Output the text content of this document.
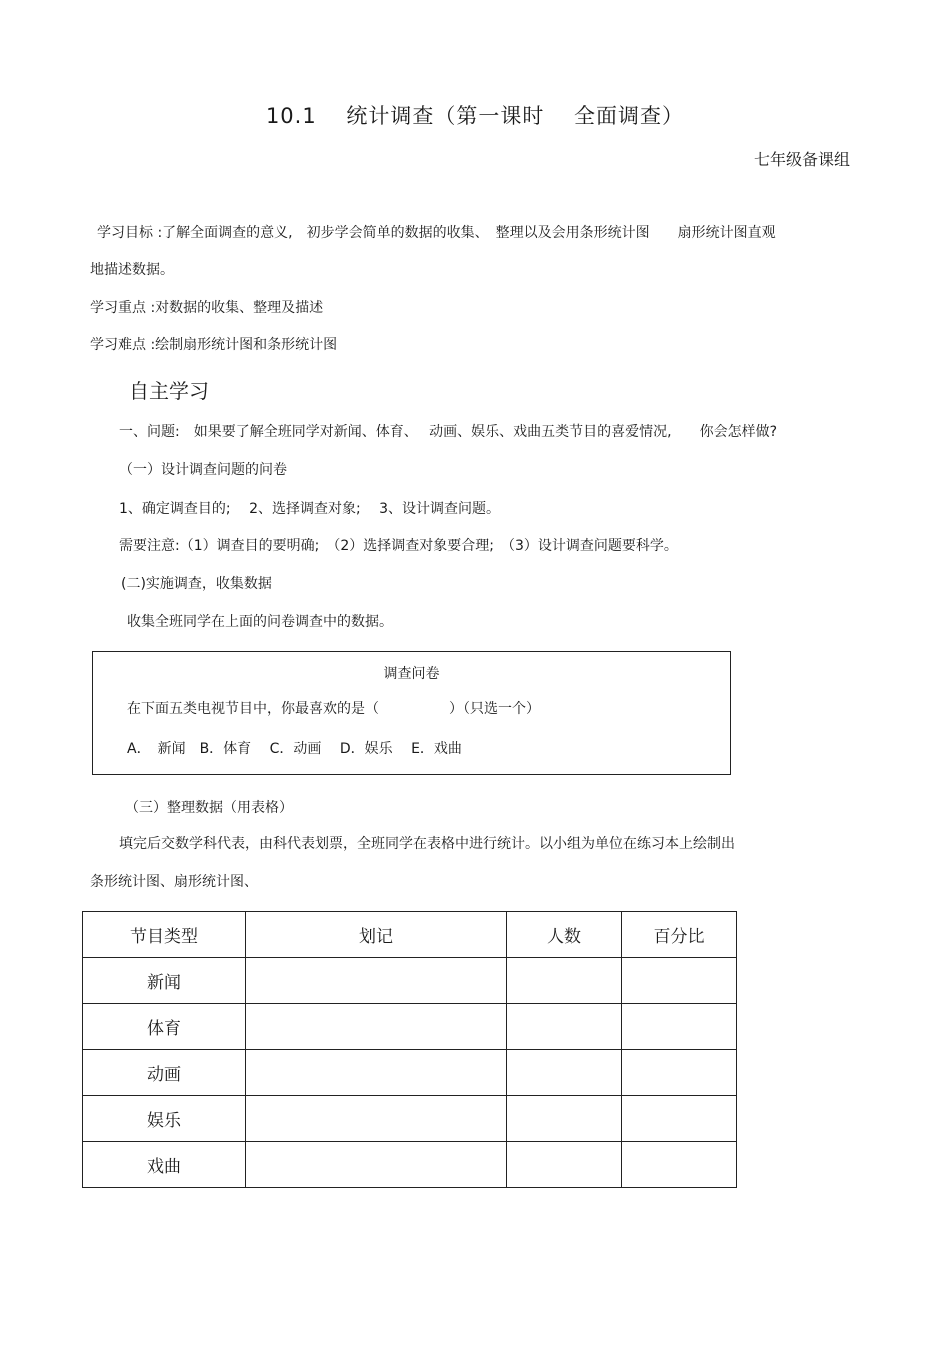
10.1　 统计调查（第一课时　 全面调查）
七年级备课组
学习目标 :了解全面调查的意义,　初步学会简单的数据的收集、　整理以及会用条形统计图　　扇形统计图直观
地描述数据。
学习重点 :对数据的收集、整理及描述
学习难点 :绘制扇形统计图和条形统计图
自主学习
一、问题:　如果要了解全班同学对新闻、体育、　 动画、娱乐、戏曲五类节目的喜爱情况,　　你会怎样做?
（一）设计调查问题的问卷
1、确定调查目的;　 2、选择调查对象;　 3、设计调查问题。
需要注意:（1）调查目的要明确;　（2）选择调查对象要合理;　（3）设计调查问题要科学。
(二)实施调查，收集数据
收集全班同学在上面的问卷调查中的数据。
调查问卷
在下面五类电视节目中，你最喜欢的是（　　　　　）（只选一个）
A．　新闻　B．体育　 C．动画　 D．娱乐　 E．戏曲
（三）整理数据（用表格）
填完后交数学科代表，由科代表划票，全班同学在表格中进行统计。以小组为单位在练习本上绘制出
条形统计图、扇形统计图、
节目类型	划记	人数	百分比
新闻			
体育			
动画			
娱乐			
戏曲			
